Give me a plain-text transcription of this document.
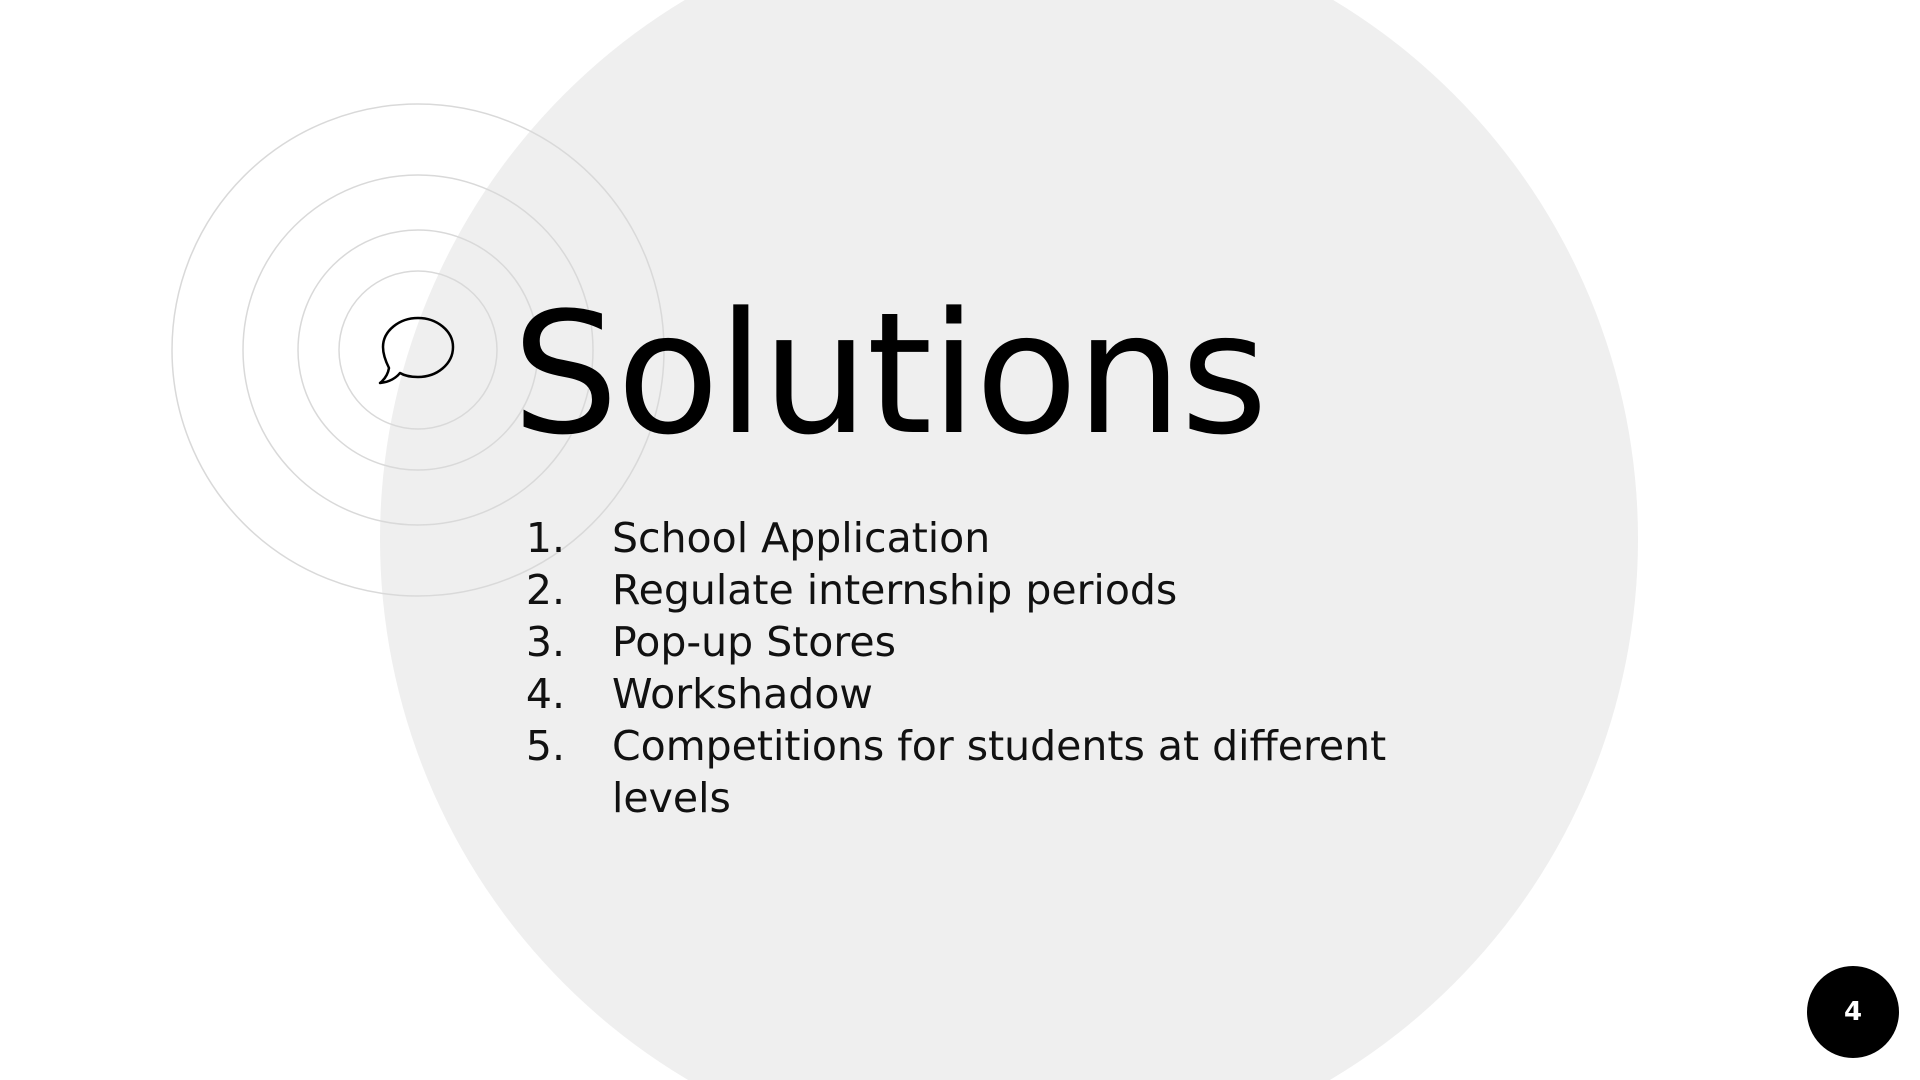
Solutions
1. School Application
2. Regulate internship periods
3. Pop-up Stores
4. Workshadow
5. Competitions for students at different levels
4
